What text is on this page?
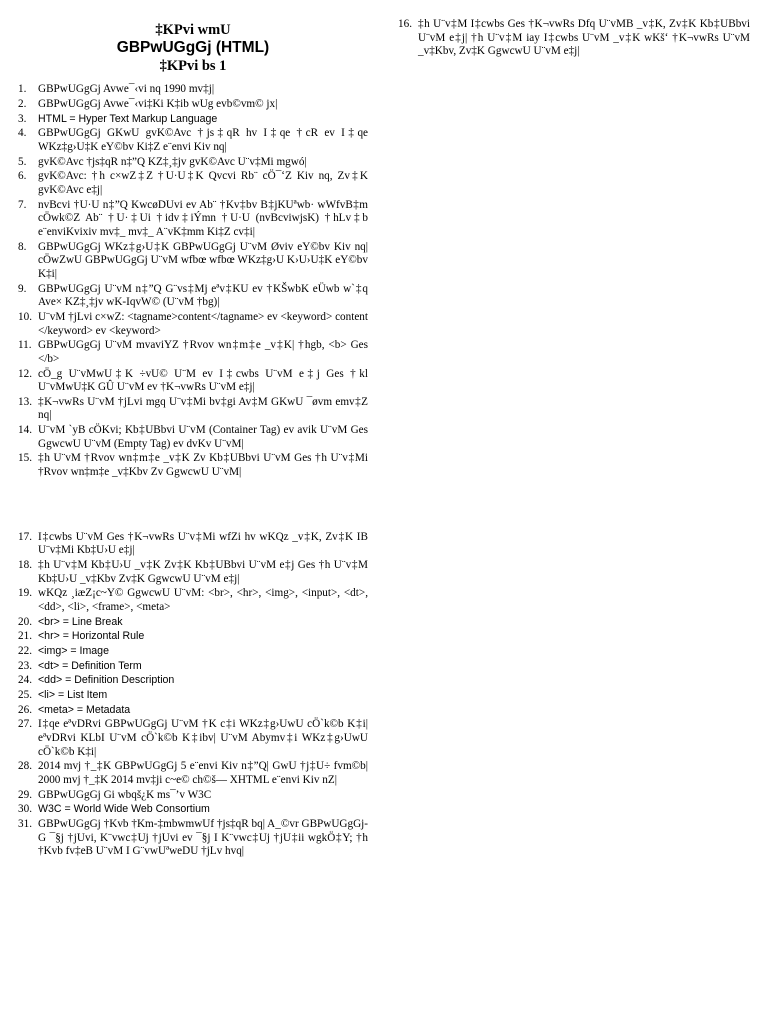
‡KPvi wmU
GBPwUGgGj (HTML)
‡KPvi bs 1
1.	GBPwUGgGj Avwe¯‹vi nq 1990 mv‡j|
2.	GBPwUGgGj Avwe¯‹vi‡Ki K‡ib wUg evb©vm© jx|
3.	HTML = Hyper Text Markup Language
4.	GBPwUGgGj GKwU gvK©Avc †js‡qR hv I‡qe †cR ev I‡qe WKz‡g›U‡K eY©bv Ki‡Z e¨envi Kiv nq|
5.	gvK©Avc †js‡qR n‡”Q KZ‡¸‡jv gvK©Avc U¨v‡Mi mgwó|
6.	gvK©Avc: †h c×wZ‡Z †U·U‡K Qvcvi Rb¨ cÖ¯‘Z Kiv nq, Zv‡K gvK©Avc e‡j|
7.	nvBcvi †U·U n‡”Q KwcøDUvi ev Ab¨ †Kv‡bv B‡jKUªwb· wWfvB‡m cÖwk©Z Ab¨ †U·‡Ui †idv‡iÝmn †U·U (nvBcviwjsK) †hLv‡b e¨enviKvixiv mv‡_ mv‡_ A¨vK‡mm Ki‡Z cv‡i|
8.	GBPwUGgGj WKz‡g›U‡K GBPwUGgGj U¨vM Øviv eY©bv Kiv nq| cÖwZwU GBPwUGgGj U¨vM wfbœ wfbœ WKz‡g›U K›U›U‡K eY©bv K‡i|
9.	GBPwUGgGj U¨vM n‡”Q G¨vs‡Mj eªv‡KU ev †KŠwbK eÜwb w`‡q Ave× KZ‡¸‡jv wK-IqvW© (U¨vM †bg)|
10. U¨vM †jLvi c×wZ: <tagname>content</tagname> ev <keyword> content </keyword> ev <keyword>
11. GBPwUGgGj U¨vM mvaviYZ †Rvov wn‡m‡e _v‡K| †hgb, <b> Ges </b>
12. cÖ_g U¨vMwU‡K ÷vU© U¨M ev I‡cwbs U¨vM e‡j Ges †kl U¨vMwU‡K GÛ U¨vM ev †K¬vwRs U¨vM e‡j|
13. ‡K¬vwRs U¨vM †jLvi mgq U¨v‡Mi bv‡gi Av‡M GKwU ¯øvm emv‡Z nq|
14. U¨vM `yB cÖKvi; Kb‡UBbvi U¨vM (Container Tag) ev avik U¨vM Ges GgwcwU U¨vM (Empty Tag) ev dvKv U¨vM|
15. ‡h U¨vM †Rvov wn‡m‡e _v‡K Zv Kb‡UBbvi U¨vM Ges †h U¨v‡Mi †Rvov wn‡m‡e _v‡Kbv Zv GgwcwU U¨vM|
17. I‡cwbs U¨vM Ges †K¬vwRs U¨v‡Mi wfZi hv wKQz _v‡K, Zv‡K IB U¨v‡Mi Kb‡U›U e‡j|
18. ‡h U¨v‡M Kb‡U›U _v‡K Zv‡K Kb‡UBbvi U¨vM e‡j Ges †h U¨v‡M Kb‡U›U _v‡Kbv Zv‡K GgwcwU U¨vM e‡j|
19. wKQz ¸iæZ¡c~Y© GgwcwU U¨vM: <br>, <hr>, <img>, <input>, <dt>, <dd>, <li>, <frame>, <meta>
20. <br> = Line Break
21. <hr> = Horizontal Rule
22. <img> = Image
23. <dt> = Definition Term
24. <dd> = Definition Description
25. <li> = List Item
26. <meta> = Metadata
27. I‡qe eªvDRvi GBPwUGgGj U¨vM †K c‡i WKz‡g›UwU cÖ`k©b K‡i| eªvDRvi KLbI U¨vM cÖ`k©b K‡ibv| U¨vM Abymv‡i WKz‡g›UwU cÖ`k©b K‡i|
28. 2014 mvj †_‡K GBPwUGgGj 5 e¨envi Kiv n‡”Q| GwU †j‡U÷ fvm©b| 2000 mvj †_‡K 2014 mv‡ji c~e© ch©š— XHTML e¨envi Kiv nZ|
29. GBPwUGgGj Gi wbqš¿K ms¯’v W3C
30. W3C = World Wide Web Consortium
31. GBPwUGgGj †Kvb †Km-‡mbwmwUf †js‡qR bq| A_©vr GBPwUGgGj-G ¯§j †jUvi, K¨vwc‡Uj †jUvi ev ¯§j I K¨vwc‡Uj †jU‡ii wgkÖ‡Y; †h †Kvb fv‡eB U¨vM I G¨vwUªweDU †jLv hvq|
16. ‡h U¨v‡M I‡cwbs Ges †K¬vwRs Dfq U¨vMB _v‡K, Zv‡K Kb‡UBbvi U¨vM e‡j| †h U¨v‡M iay I‡cwbs U¨vM _v‡K wKš‘ †K¬vwRs U¨vM _v‡Kbv, Zv‡K GgwcwU U¨vM e‡j|
